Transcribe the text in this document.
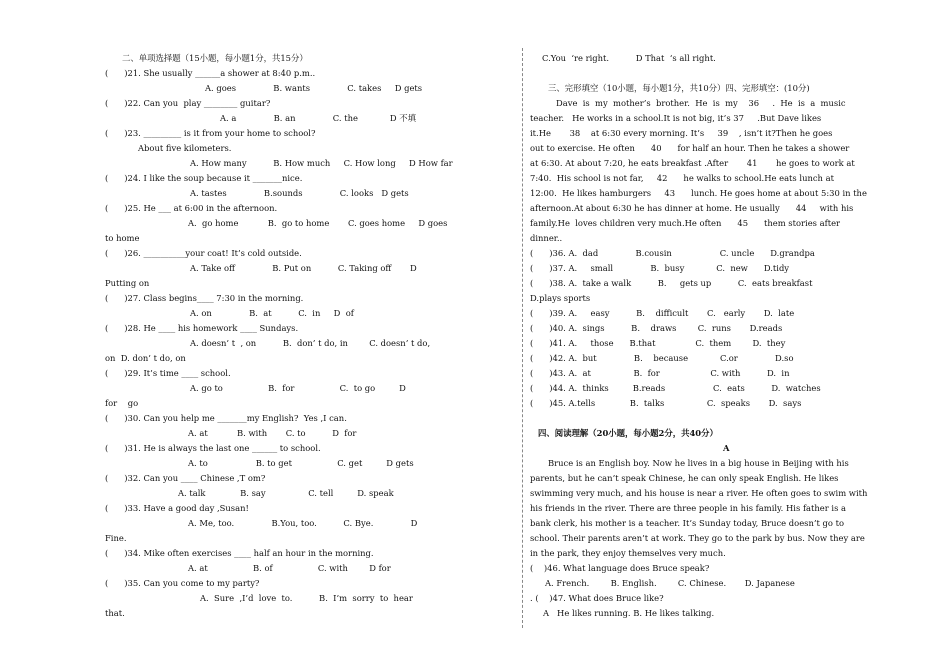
二、单项选择题（15小题，每小题1分，共15分）
(      )21. She usually ______a shower at 8:40 p.m..
A. goes              B. wants              C. takes     D gets
(      )22. Can you  play ________ guitar?
A. a              B. an              C. the            D 不填
(      )23. _________ is it from your home to school?
About five kilometers.
A. How many          B. How much     C. How long     D How far
(      )24. I like the soup because it _______nice.
A. tastes              B.sounds              C. looks   D gets
(      )25. He ___ at 6:00 in the afternoon.
A.  go home           B.  go to home       C. goes home     D goes
to home
(      )26. __________your coat! It’s cold outside.
A. Take off              B. Put on          C. Taking off       D
Putting on
(      )27. Class begins____ 7:30 in the morning.
A. on              B.  at          C.  in     D  of
(      )28. He ____ his homework ____ Sundays.
A. doesn’ t  , on          B.  don’ t do, in        C. doesn’ t do,
on  D. don’ t do, on
(      )29. It’s time ____ school.
A. go to                 B.  for                 C.  to go         D
for    go
(      )30. Can you help me _______my English?  Yes ,I can.
A. at           B. with       C. to          D  for
(      )31. He is always the last one ______ to school.
A. to                  B. to get                 C. get         D gets
(      )32. Can you ____ Chinese ,T om?
A. talk             B. say                C. tell         D. speak
(      )33. Have a good day ,Susan!
A. Me, too.              B.You, too.          C. Bye.              D
Fine.
(      )34. Mike often exercises ____ half an hour in the morning.
A. at                 B. of                 C. with        D for
(      )35. Can you come to my party?
A.  Sure  ,I’d  love  to.          B.  I’m  sorry  to  hear
that.
C.You  ‘re right.          D That  ‘s all right.
三、完形填空（10小题，每小题1分，共10分）四、完形填空：(10分)
Dave  is  my  mother’s  brother.  He  is  my    36     .  He  is  a  music
teacher.   He works in a school.It is not big, it’s 37     .But Dave likes
it.He       38    at 6:30 every morning. It’s     39    , isn’t it?Then he goes
out to exercise. He often      40      for half an hour. Then he takes a shower
at 6:30. At about 7:20, he eats breakfast .After       41       he goes to work at
7:40.  His school is not far,     42      he walks to school.He eats lunch at
12:00.  He likes hamburgers     43      lunch. He goes home at about 5:30 in the
afternoon.At about 6:30 he has dinner at home. He usually      44     with his
family.He  loves children very much.He often      45      them stories after
dinner..
(      )36. A.  dad              B.cousin                  C. uncle      D.grandpa
(      )37. A.     small              B.  busy            C.  new      D.tidy
(      )38. A.  take a walk          B.     gets up          C.  eats breakfast
D.plays sports
(      )39. A.     easy          B.    difficult       C.   early       D.  late
(      )40. A.  sings          B.    draws        C.  runs       D.reads
(      )41. A.     those      B.that               C.  them        D.  they
(      )42. A.  but              B.    because            C.or              D.so
(      )43. A.  at                B.  for                   C. with          D.  in
(      )44. A.  thinks         B.reads                  C.  eats          D.  watches
(      )45. A.tells             B.  talks                C.  speaks       D.  says
四、阅读理解（20小题，每小题2分，共40分）
A
Bruce is an English boy. Now he lives in a big house in Beijing with his
parents, but he can’t speak Chinese, he can only speak English. He likes
swimming very much, and his house is near a river. He often goes to swim with
his friends in the river. There are three people in his family. His father is a
bank clerk, his mother is a teacher. It’s Sunday today, Bruce doesn’t go to
school. Their parents aren’t at work. They go to the park by bus. Now they are
in the park, they enjoy themselves very much.
(    )46. What language does Bruce speak?
A. French.        B. English.        C. Chinese.       D. Japanese
. (    )47. What does Bruce like?
A   He likes running. B. He likes talking.
